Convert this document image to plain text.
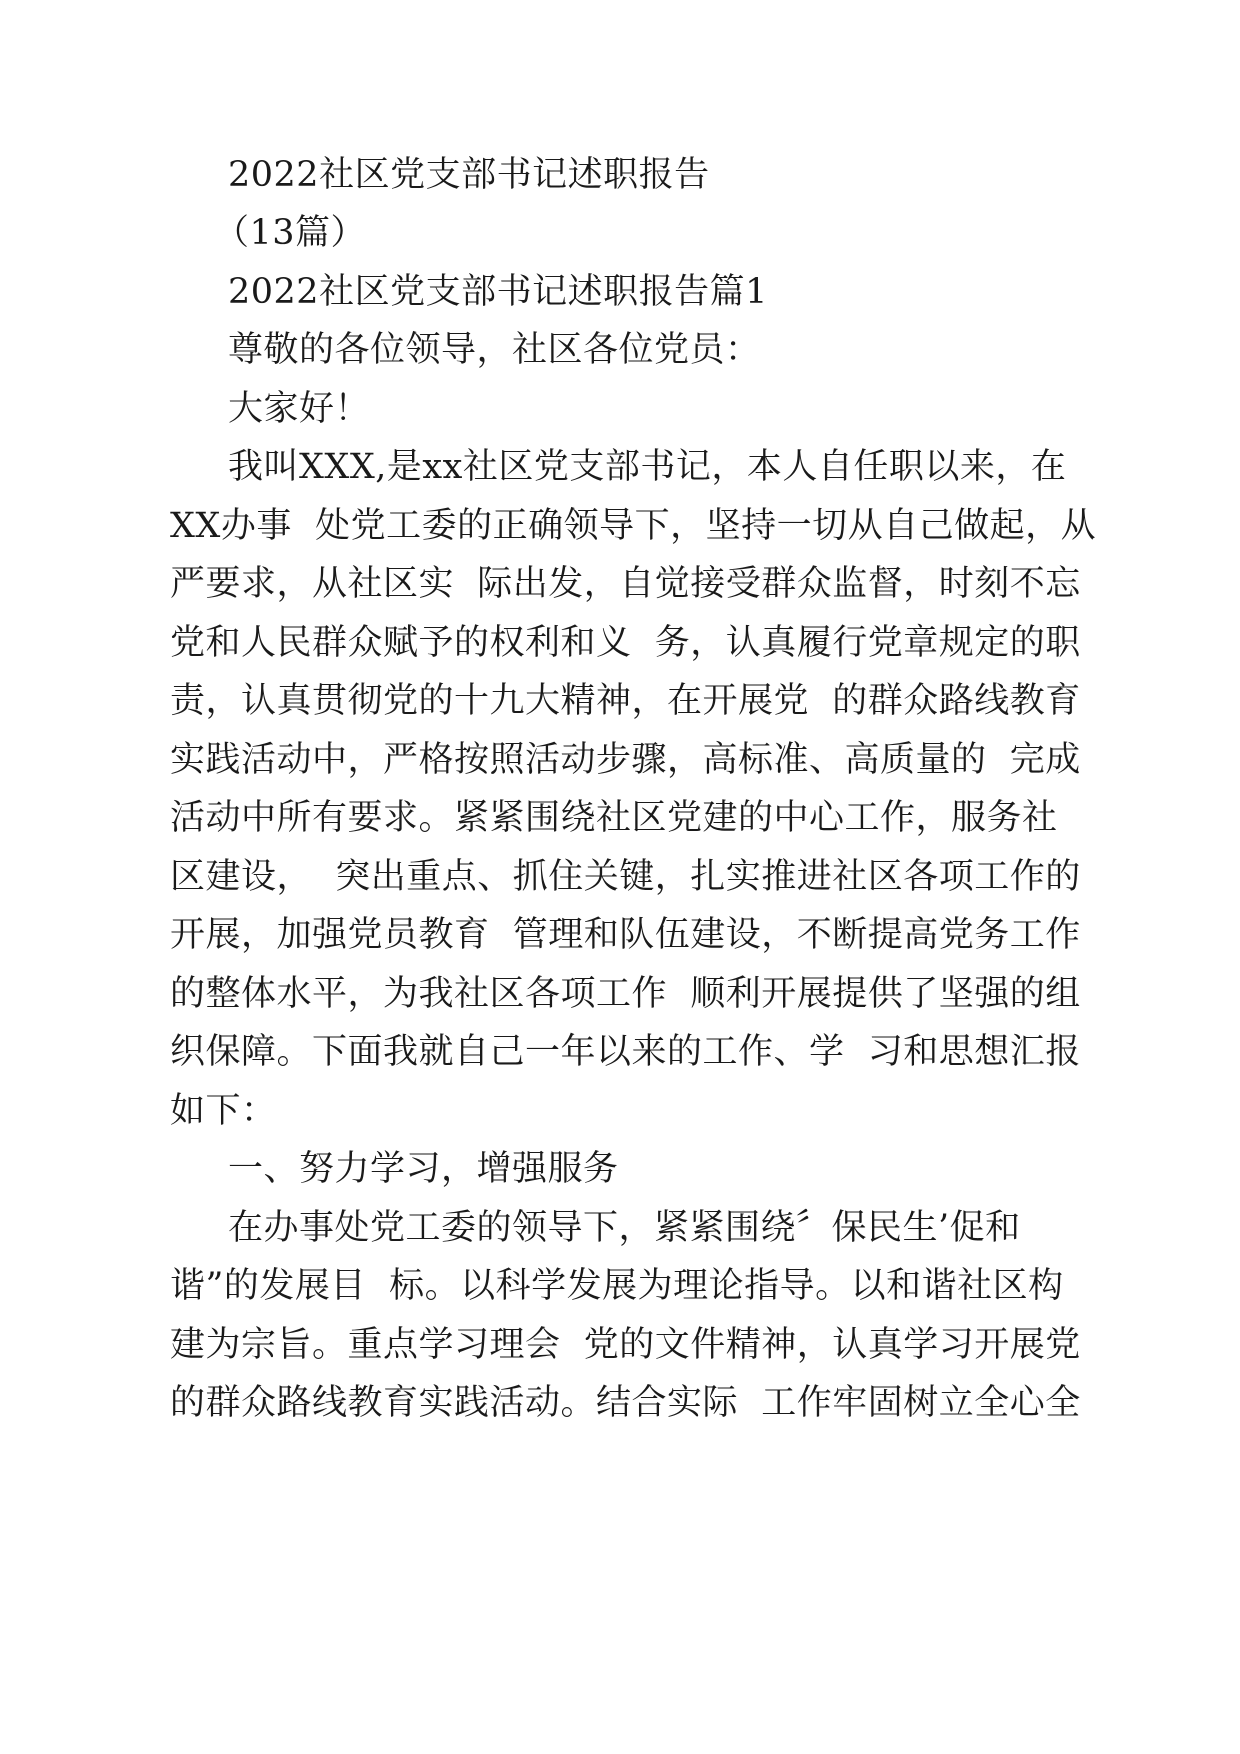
2022社区党支部书记述职报告
（13篇）
2022社区党支部书记述职报告篇1
尊敬的各位领导，社区各位党员：
大家好！
我叫XXX,是xx社区党支部书记，本人自任职以来，在
XX办事  处党工委的正确领导下，坚持一切从自己做起，从
严要求，从社区实  际出发，自觉接受群众监督，时刻不忘
党和人民群众赋予的权利和义  务，认真履行党章规定的职
责，认真贯彻党的十九大精神，在开展党  的群众路线教育
实践活动中，严格按照活动步骤，高标准、高质量的  完成
活动中所有要求。紧紧围绕社区党建的中心工作，服务社
区建设，  突出重点、抓住关键，扎实推进社区各项工作的
开展，加强党员教育  管理和队伍建设，不断提高党务工作
的整体水平，为我社区各项工作  顺利开展提供了坚强的组
织保障。下面我就自己一年以来的工作、学  习和思想汇报
如下：
一、努力学习，增强服务
在办事处党工委的领导下，紧紧围绕〞保民生’促和
谐”的发展目  标。以科学发展为理论指导。以和谐社区构
建为宗旨。重点学习理会  党的文件精神，认真学习开展党
的群众路线教育实践活动。结合实际  工作牢固树立全心全
